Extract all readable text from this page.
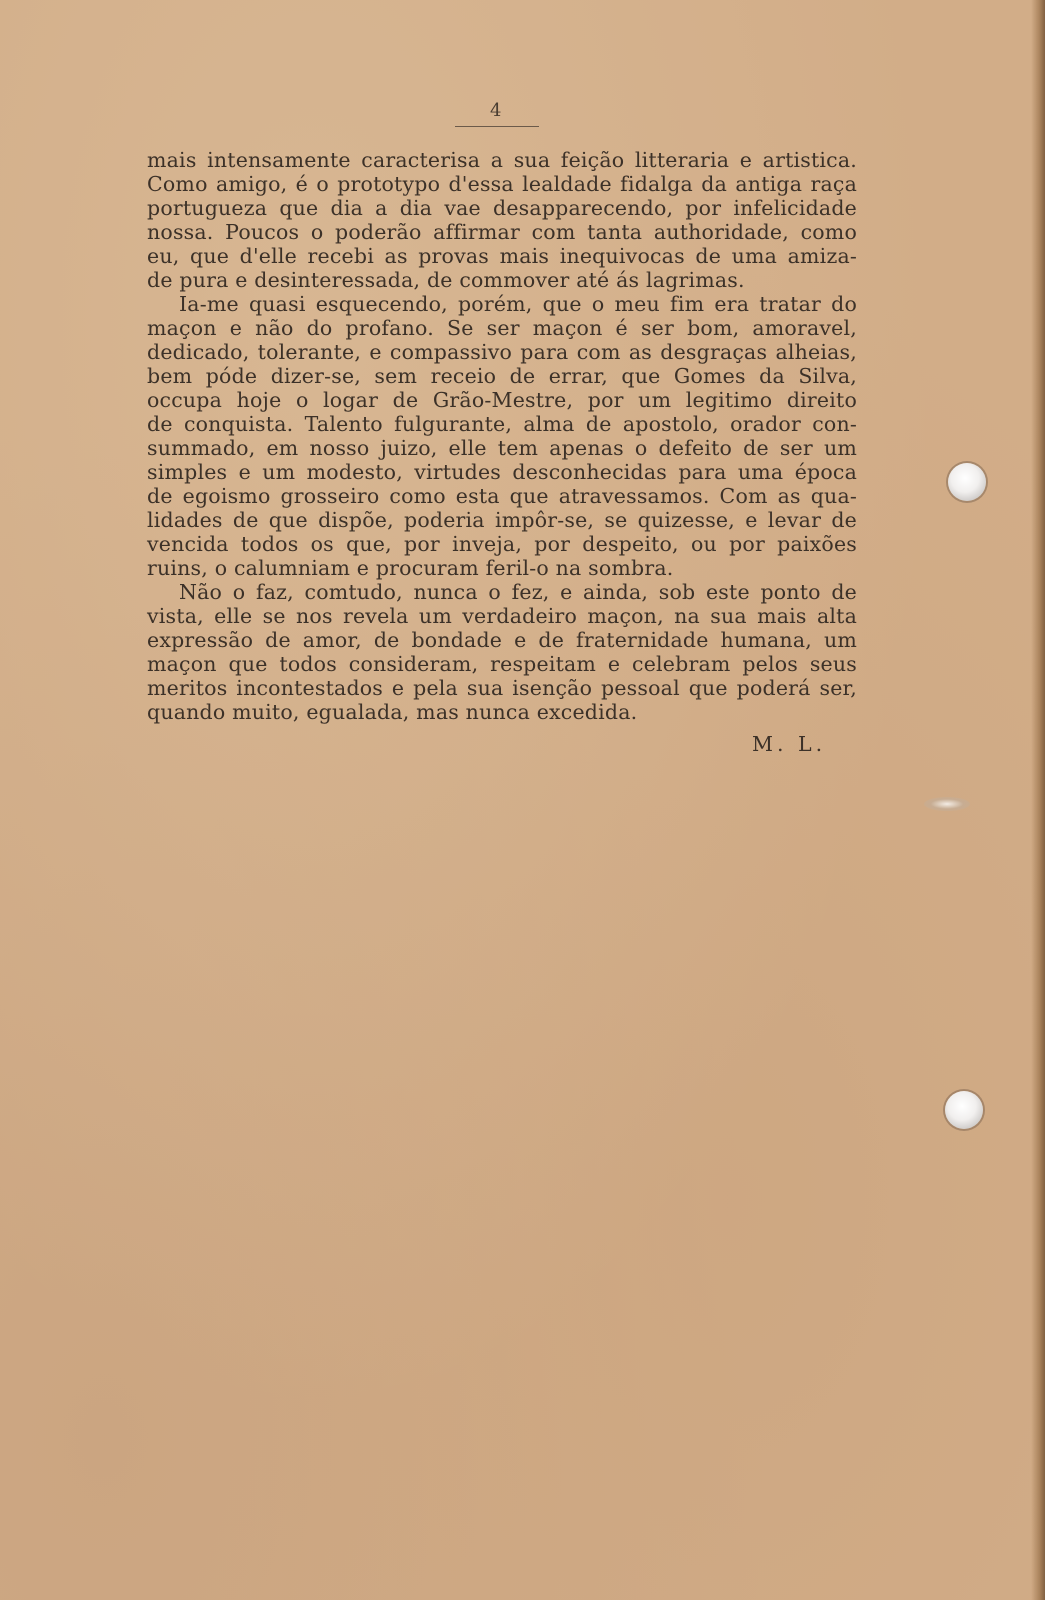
4
mais intensamente caracterisa a sua feição litteraria e artistica.
Como amigo, é o prototypo d'essa lealdade fidalga da antiga raça
portugueza que dia a dia vae desapparecendo, por infelicidade
nossa. Poucos o poderão affirmar com tanta authoridade, como
eu, que d'elle recebi as provas mais inequivocas de uma amiza-
de pura e desinteressada, de commover até ás lagrimas.
Ia-me quasi esquecendo, porém, que o meu fim era tratar do
maçon e não do profano. Se ser maçon é ser bom, amoravel,
dedicado, tolerante, e compassivo para com as desgraças alheias,
bem póde dizer-se, sem receio de errar, que Gomes da Silva,
occupa hoje o logar de Grão-Mestre, por um legitimo direito
de conquista. Talento fulgurante, alma de apostolo, orador con-
summado, em nosso juizo, elle tem apenas o defeito de ser um
simples e um modesto, virtudes desconhecidas para uma época
de egoismo grosseiro como esta que atravessamos. Com as qua-
lidades de que dispõe, poderia impôr-se, se quizesse, e levar de
vencida todos os que, por inveja, por despeito, ou por paixões
ruins, o calumniam e procuram feril-o na sombra.
Não o faz, comtudo, nunca o fez, e ainda, sob este ponto de
vista, elle se nos revela um verdadeiro maçon, na sua mais alta
expressão de amor, de bondade e de fraternidade humana, um
maçon que todos consideram, respeitam e celebram pelos seus
meritos incontestados e pela sua isenção pessoal que poderá ser,
quando muito, egualada, mas nunca excedida.
M. L.
